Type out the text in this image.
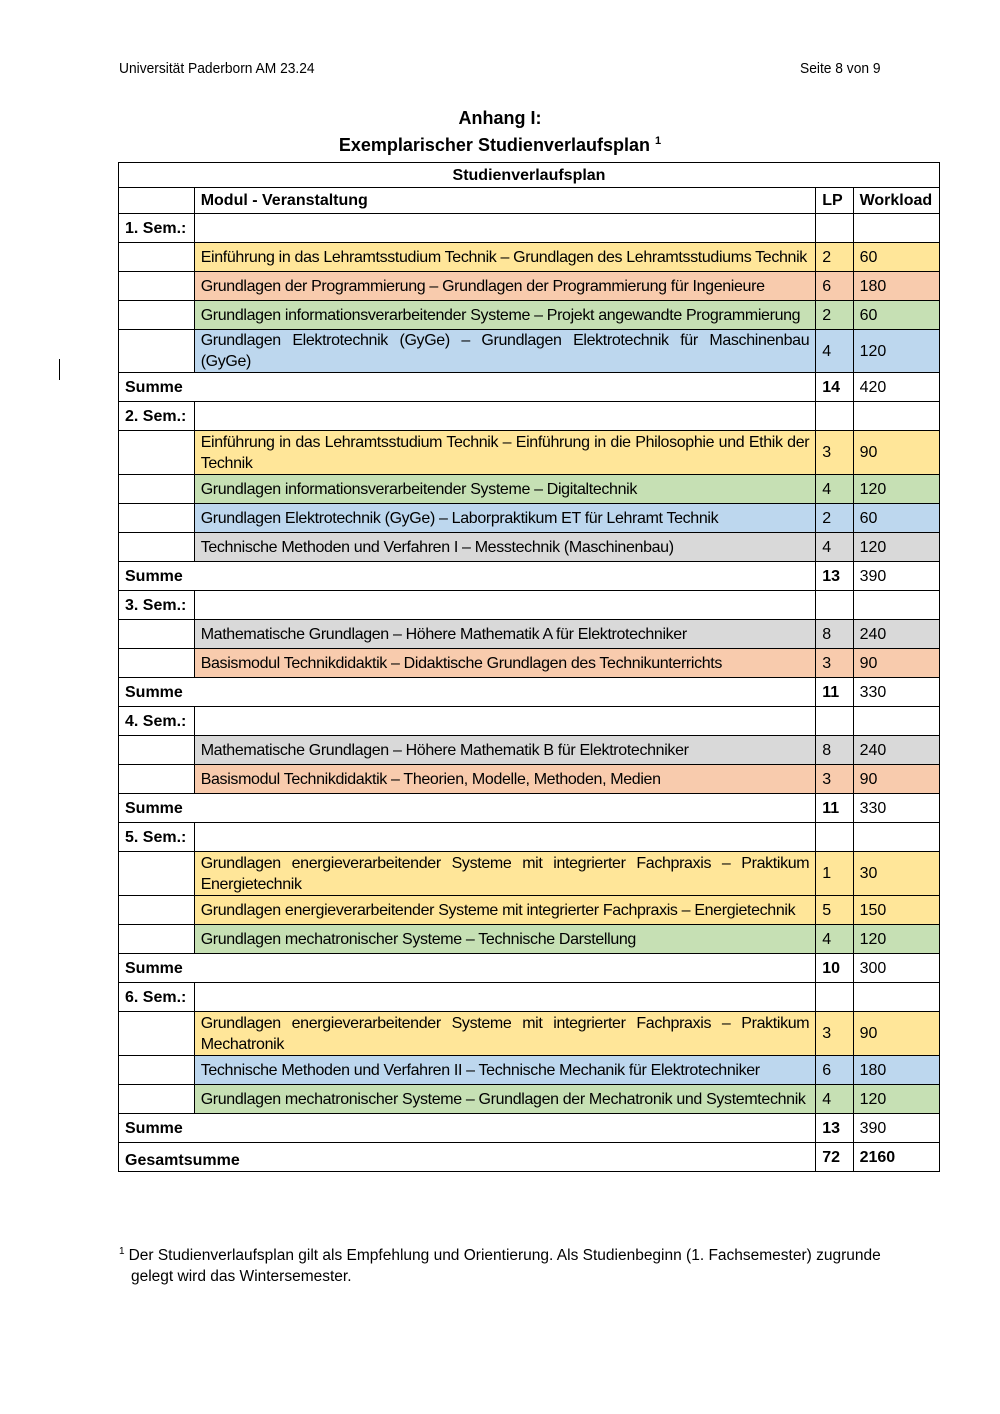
Universität Paderborn AM 23.24	Seite 8 von 9
Anhang I:
Exemplarischer Studienverlaufsplan $^1$
Studienverlaufsplan			
	Modul - Veranstaltung	LP	Workload
1. Sem.:			
	Einführung in das Lehramtsstudium Technik – Grundlagen des Lehramtsstudiums Technik	2	60
	Grundlagen der Programmierung – Grundlagen der Programmierung für Ingenieure	6	180
	Grundlagen informationsverarbeitender Systeme – Projekt angewandte Programmierung	2	60
	Grundlagen Elektrotechnik (GyGe) – Grundlagen Elektrotechnik für Maschinenbau (GyGe)	4	120
Summe		14	420
2. Sem.:			
	Einführung in das Lehramtsstudium Technik – Einführung in die Philosophie und Ethik der Technik	3	90
	Grundlagen informationsverarbeitender Systeme – Digitaltechnik	4	120
	Grundlagen Elektrotechnik (GyGe) – Laborpraktikum ET für Lehramt Technik	2	60
	Technische Methoden und Verfahren I – Messtechnik (Maschinenbau)	4	120
Summe		13	390
3. Sem.:			
	Mathematische Grundlagen – Höhere Mathematik A für Elektrotechniker	8	240
	Basismodul Technikdidaktik – Didaktische Grundlagen des Technikunterrichts	3	90
Summe		11	330
4. Sem.:			
	Mathematische Grundlagen – Höhere Mathematik B für Elektrotechniker	8	240
	Basismodul Technikdidaktik – Theorien, Modelle, Methoden, Medien	3	90
Summe		11	330
5. Sem.:			
	Grundlagen energieverarbeitender Systeme mit integrierter Fachpraxis – Praktikum Energietechnik	1	30
	Grundlagen energieverarbeitender Systeme mit integrierter Fachpraxis – Energietechnik	5	150
	Grundlagen mechatronischer Systeme – Technische Darstellung	4	120
Summe		10	300
6. Sem.:			
	Grundlagen energieverarbeitender Systeme mit integrierter Fachpraxis – Praktikum Mechatronik	3	90
	Technische Methoden und Verfahren II – Technische Mechanik für Elektrotechniker	6	180
	Grundlagen mechatronischer Systeme – Grundlagen der Mechatronik und Systemtechnik	4	120
Summe		13	390
Gesamtsumme		72	2160
$^1$ Der Studienverlaufsplan gilt als Empfehlung und Orientierung. Als Studienbeginn (1. Fachsemester) zugrunde
gelegt wird das Wintersemester.
